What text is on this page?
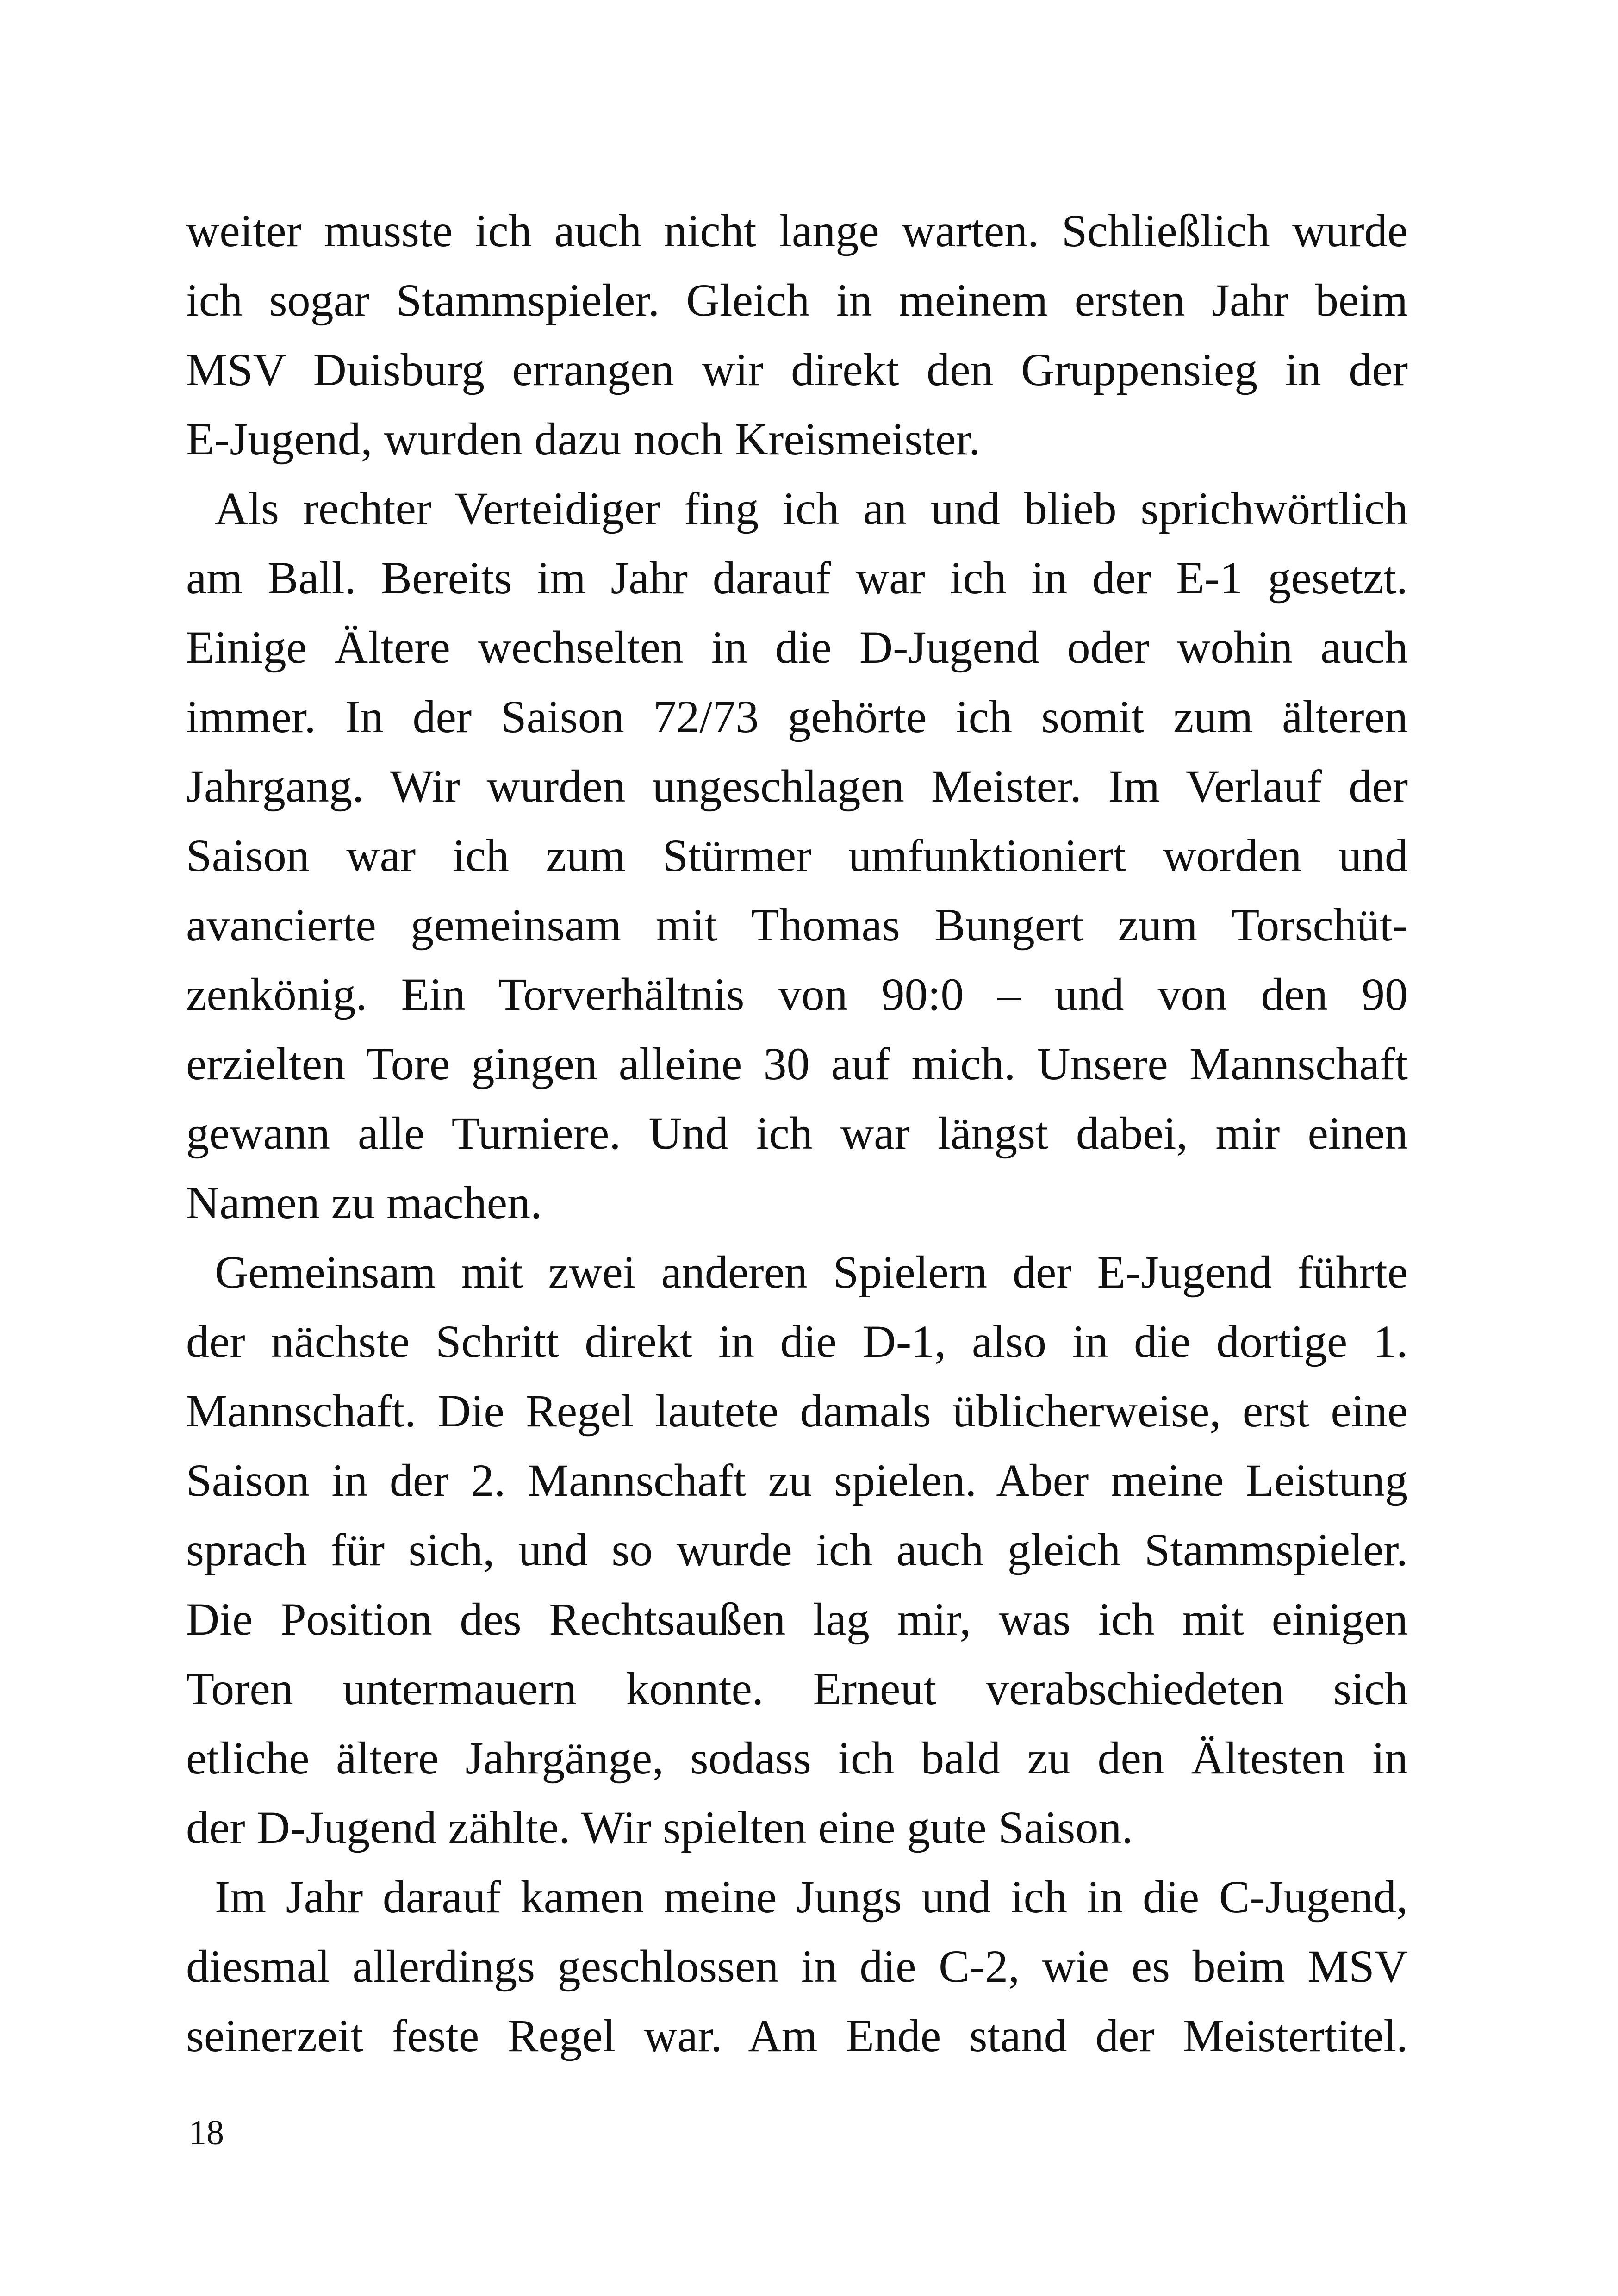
weiter musste ich auch nicht lange warten. Schließlich wurde
ich sogar Stammspieler. Gleich in meinem ersten Jahr beim
MSV Duisburg errangen wir direkt den Gruppensieg in der
E-Jugend, wurden dazu noch Kreismeister.

Als rechter Verteidiger fing ich an und blieb sprichwörtlich
am Ball. Bereits im Jahr darauf war ich in der E-1 gesetzt.
Einige Ältere wechselten in die D-Jugend oder wohin auch
immer. In der Saison 72/73 gehörte ich somit zum älteren
Jahrgang. Wir wurden ungeschlagen Meister. Im Verlauf der
Saison war ich zum Stürmer umfunktioniert worden und
avancierte gemeinsam mit Thomas Bungert zum Torschüt-
zenkönig. Ein Torverhältnis von 90:0 – und von den 90
erzielten Tore gingen alleine 30 auf mich. Unsere Mannschaft
gewann alle Turniere. Und ich war längst dabei, mir einen
Namen zu machen.

Gemeinsam mit zwei anderen Spielern der E-Jugend führte
der nächste Schritt direkt in die D-1, also in die dortige 1.
Mannschaft. Die Regel lautete damals üblicherweise, erst eine
Saison in der 2. Mannschaft zu spielen. Aber meine Leistung
sprach für sich, und so wurde ich auch gleich Stammspieler.
Die Position des Rechtsaußen lag mir, was ich mit einigen
Toren untermauern konnte. Erneut verabschiedeten sich
etliche ältere Jahrgänge, sodass ich bald zu den Ältesten in
der D-Jugend zählte. Wir spielten eine gute Saison.

Im Jahr darauf kamen meine Jungs und ich in die C-Jugend,
diesmal allerdings geschlossen in die C-2, wie es beim MSV
seinerzeit feste Regel war. Am Ende stand der Meistertitel.

18
